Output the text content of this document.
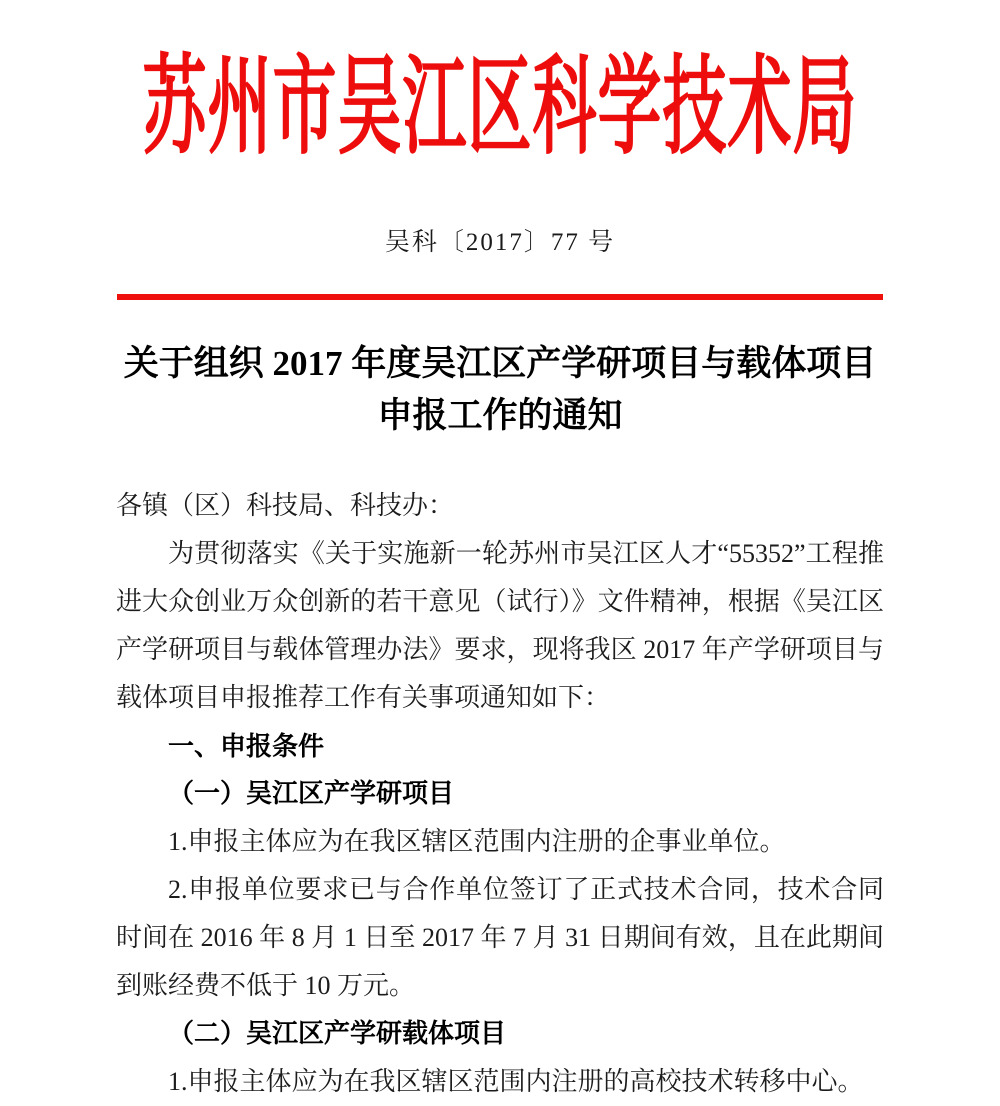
苏州市吴江区科学技术局
吴科〔2017〕77 号
关于组织 2017 年度吴江区产学研项目与载体项目
申报工作的通知
各镇（区）科技局、科技办：
为贯彻落实《关于实施新一轮苏州市吴江区人才“55352”工程推进大众创业万众创新的若干意见（试行）》文件精神，根据《吴江区产学研项目与载体管理办法》要求，现将我区 2017 年产学研项目与载体项目申报推荐工作有关事项通知如下：
一、申报条件
（一）吴江区产学研项目
1.申报主体应为在我区辖区范围内注册的企事业单位。
2.申报单位要求已与合作单位签订了正式技术合同，技术合同时间在 2016 年 8 月 1 日至 2017 年 7 月 31 日期间有效，且在此期间到账经费不低于 10 万元。
（二）吴江区产学研载体项目
1.申报主体应为在我区辖区范围内注册的高校技术转移中心。
